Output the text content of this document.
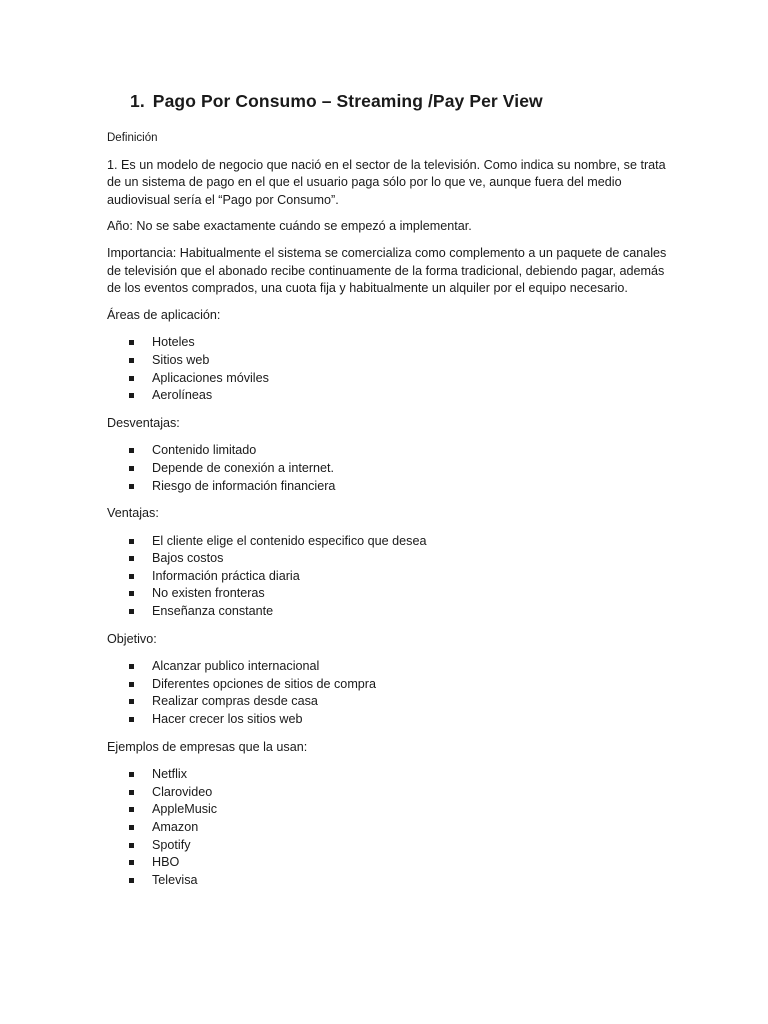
1. Pago Por Consumo – Streaming /Pay Per View

Definición

1. Es un modelo de negocio que nació en el sector de la televisión. Como indica su nombre, se trata de un sistema de pago en el que el usuario paga sólo por lo que ve, aunque fuera del medio audiovisual sería el “Pago por Consumo”.

Año: No se sabe exactamente cuándo se empezó a implementar.

Importancia: Habitualmente el sistema se comercializa como complemento a un paquete de canales de televisión que el abonado recibe continuamente de la forma tradicional, debiendo pagar, además de los eventos comprados, una cuota fija y habitualmente un alquiler por el equipo necesario.

Áreas de aplicación:

Hoteles
Sitios web
Aplicaciones móviles
Aerolíneas

Desventajas:

Contenido limitado
Depende de conexión a internet.
Riesgo de información financiera

Ventajas:

El cliente elige el contenido especifico que desea
Bajos costos
Información práctica diaria
No existen fronteras
Enseñanza constante

Objetivo:

Alcanzar publico internacional
Diferentes opciones de sitios de compra
Realizar compras desde casa
Hacer crecer los sitios web

Ejemplos de empresas que la usan:

Netflix
Clarovideo
AppleMusic
Amazon
Spotify
HBO
Televisa
